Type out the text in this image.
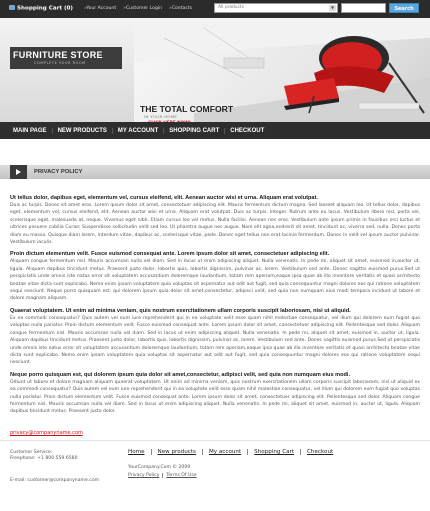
Shopping Cart (0)	» Your Account	» Customer Login	» Contacts	All products	▼	Search
FURNITURE STORE
COMPLETE YOUR ROOM
THE TOTAL COMFORT
IN YOUR HOME
MAIN PAGE	NEW PRODUCTS	MY ACCOUNT	SHOPPING CART	CHECKOUT
PRIVACY POLICY
Ut tellus dolor, dapibus eget, elementum vel, cursus eleifend, elit. Aenean auctor wisi et urna. Aliquam erat volutpat.

Duis ac turpis. Donec sit amet eros. Lorem ipsum dolor sit amet, consectetuer adipiscing elit. Mauris fermentum dictum magna. Sed laoreet aliquam leo. Ut tellus dolor, dapibus eget, elementum vel, cursus eleifend, elit. Aenean auctor wisi et urna. Aliquam erat volutpat. Duis ac turpis. Integer. Rutrum ante eu lacus. Vestibulum libero nisl, porta vel, scelerisque eget, malesuada at, neque. Vivamus eget nibh. Etiam cursus leo vel metus. Nulla facilisi. Aenean nec eros. Vestibulum ante ipsum primis in faucibus orci luctus et ultrices posuere cubilia Curae; Suspendisse sollicitudin velit sed leo. Ut pharetra augue nec augue. Nam elit agna,endrerit sit amet, tincidunt ac, viverra sed, nulla. Donec porta diam eu massa. Quisque diam lorem, interdum vitae, dapibus ac, scelerisque vitae, pede. Donec eget tellus non erat lacinia fermentum. Donec in velit vel ipsum auctor pulvinar. Vestibulum iaculis.

Proin dictum elementum velit. Fusce euismod consequat ante. Lorem ipsum dolor sit amet, consectetuer adipiscing elit.

Aliquam congue fermentum nisl. Mauris accumsan nulla vel diam. Sed in lacus ut enim adipiscing aliquet. Nulla venenatis. In pede mi, aliquet sit amet, euismod in,auctor ut, ligula. Aliquam dapibus tincidunt metus. Praesent justo dolor, lobortis quis, lobortis dignissim, pulvinar ac, lorem. Vestibulum sed ante. Donec sagittis euismod purus.Sed ut perspiciatis unde omnis iste natus error sit voluptatem accusantium doloremque laudantium, totam rem aperiam,eaque ipsa quae ab illo inventore veritatis et quasi architecto beatae vitae dicta sunt explicabo. Nemo enim ipsam voluptatem quia voluptas sit aspernatur aut odit aut fugit, sed quia consequuntur magni dolores eos qui ratione voluptatem sequi nesciunt. Neque porro quisquam est, qui dolorem ipsum quia dolor sit amet,consectetur, adipisci velit, sed quia non numquam eius modi tempora incidunt ut labore et dolore magnam aliquam.

Quaerat voluptatem. Ut enim ad minima veniam, quis nostrum exercitationem ullam corporis suscipit laboriosam, nisi ut aliquid.

Ex ea commodi consequatur? Quis autem vel eum iure reprehenderit qui in ea voluptate velit esse quam nihil molestiae consequatur, vel illum qui dolorem eum fugiat quo voluptas nulla pariatur. Proin dictum elementum velit. Fusce euismod consequat ante. Lorem ipsum dolor sit amet, consectetuer adipiscing elit. Pellentesque sed dolor. Aliquam congue fermentum nisl. Mauris accumsan nulla vel diam. Sed in lacus ut enim adipiscing aliquet. Nulla venenatis. In pede mi, aliquet sit amet, euismod in, auctor ut, ligula. Aliquam dapibus tincidunt metus. Praesent justo dolor, lobortis quis, lobortis dignissim, pulvinar ac, lorem. Vestibulum sed ante. Donec sagittis euismod purus.Sed ut perspiciatis unde omnis iste natus error sit voluptatem accusantium doloremque laudantium, totam rem aperiam,eaque ipsa quae ab illo inventore veritatis et quasi architecto beatae vitae dicta sunt explicabo. Nemo enim ipsam voluptatem quia voluptas sit aspernatur aut odit aut fugit, sed quia consequuntur magni dolores eos qui ratione voluptatem sequi nesciunt.

Neque porro quisquam est, qui dolorem ipsum quia dolor sit amet,consectetur, adipisci velit, sed quia non numquam eius modi.

Odiunt ut labore et dolore magnam aliquam quaerat voluptatem. Ut enim ad minima veniam, quis nostrum exercitationem ullam corporis suscipit laboriosam, nisi ut aliquid ex ea commodi consequatur? Quis autem vel eum iure reprehenderit qui in ea voluptate velit esse quam nihil molestiae consequatur, vel illum qui dolorem eum fugiat quo voluptas nulla pariatur. Proin dictum elementum velit. Fusce euismod consequat ante. Lorem ipsum dolor sit amet, consectetuer adipiscing elit. Pellentesque sed dolor. Aliquam congue fermentum nisl. Mauris accumsan nulla vel diam. Sed in lacus ut enim adipiscing aliquet. Nulla venenatis. In pede mi, aliquet sit amet, euismod in, auctor ut, ligula. Aliquam dapibus tincidunt metus. Praesent justo dolor.

privacy@companyname.com
Customer Service:
Freephone: +1 800 559 6580
E-mail: customer@companyname.com
Home	New products	My account	Shopping Cart	Checkout
YourCompany.Com © 2009
Privacy Policy	Terms Of Use
